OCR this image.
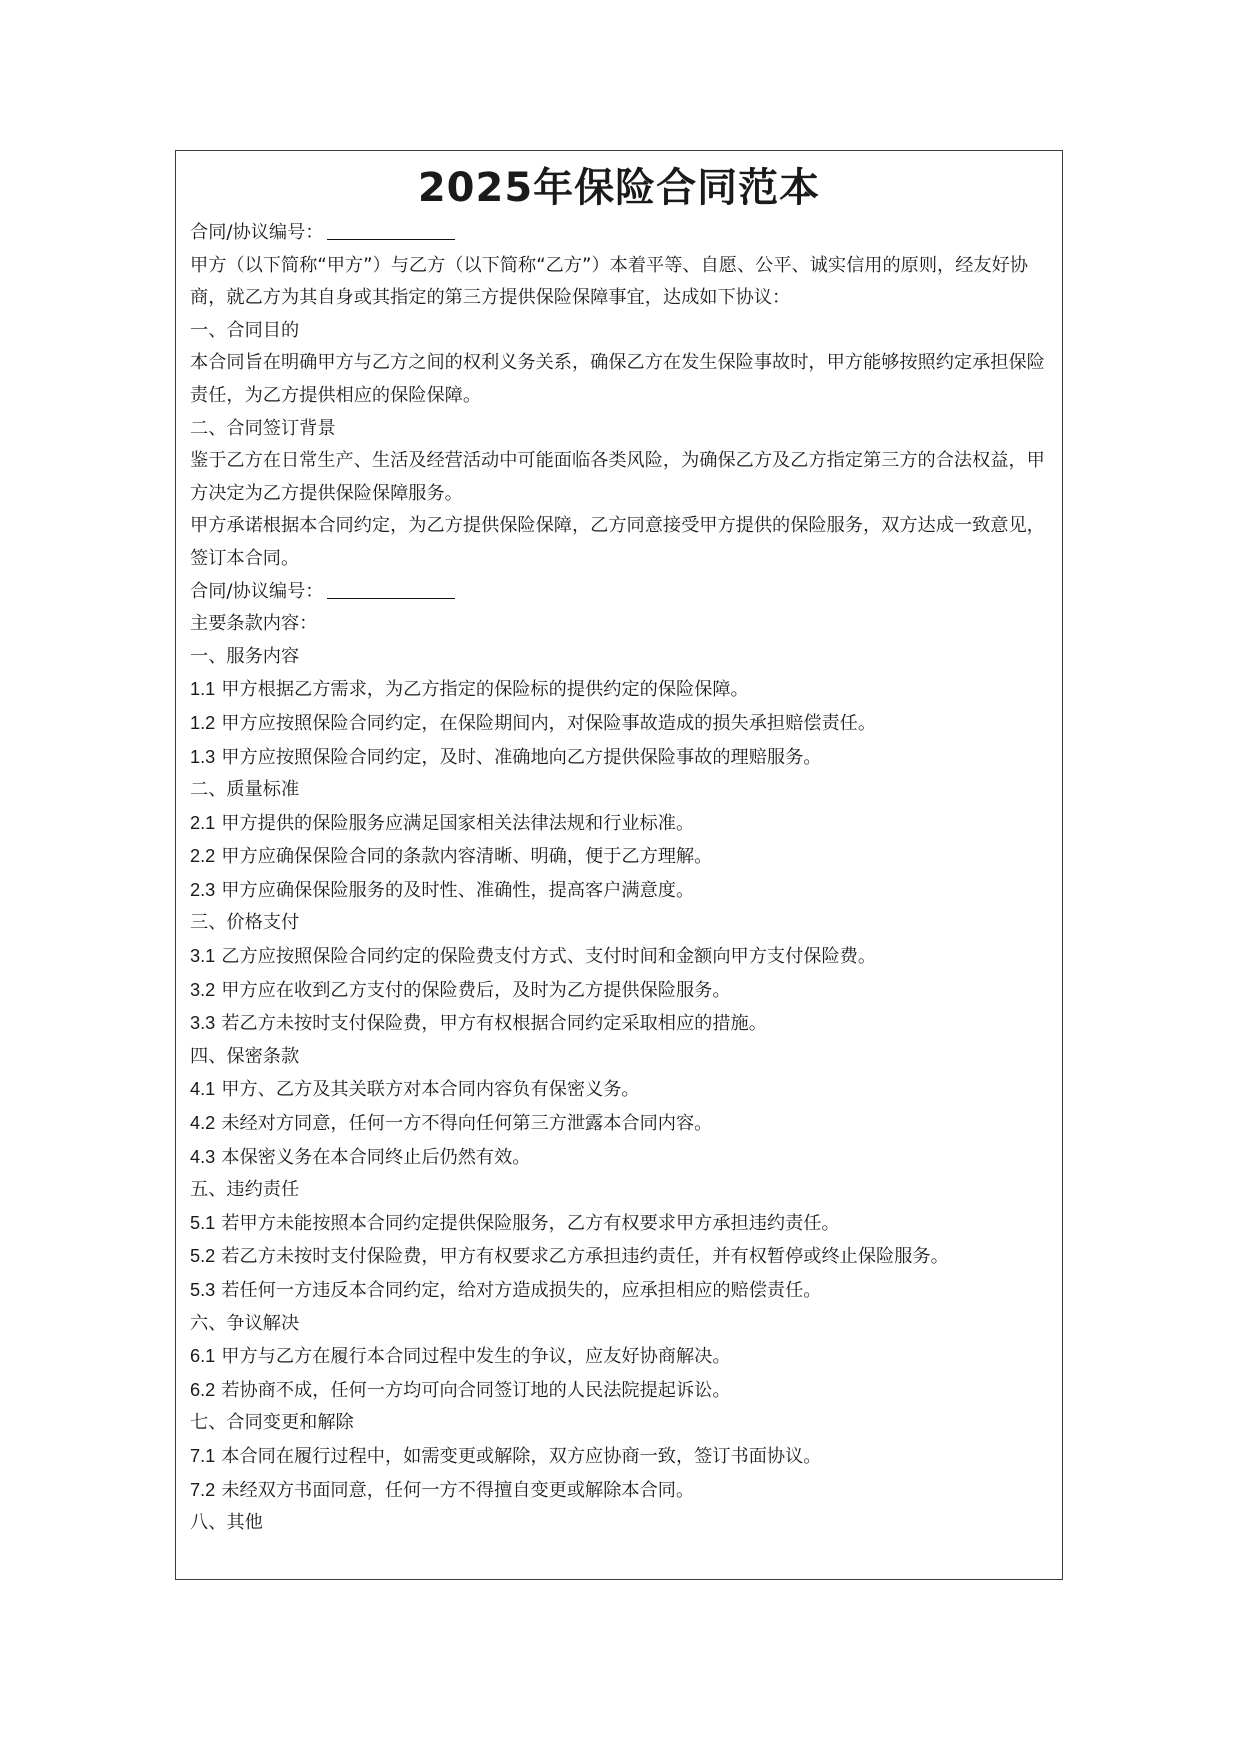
2025年保险合同范本
合同/协议编号：
甲方（以下简称“甲方”）与乙方（以下简称“乙方”）本着平等、自愿、公平、诚实信用的原则，经友好协商，就乙方为其自身或其指定的第三方提供保险保障事宜，达成如下协议：
一、合同目的
本合同旨在明确甲方与乙方之间的权利义务关系，确保乙方在发生保险事故时，甲方能够按照约定承担保险责任，为乙方提供相应的保险保障。
二、合同签订背景
鉴于乙方在日常生产、生活及经营活动中可能面临各类风险，为确保乙方及乙方指定第三方的合法权益，甲方决定为乙方提供保险保障服务。
甲方承诺根据本合同约定，为乙方提供保险保障，乙方同意接受甲方提供的保险服务，双方达成一致意见，签订本合同。
合同/协议编号：
主要条款内容：
一、服务内容
1.1 甲方根据乙方需求，为乙方指定的保险标的提供约定的保险保障。
1.2 甲方应按照保险合同约定，在保险期间内，对保险事故造成的损失承担赔偿责任。
1.3 甲方应按照保险合同约定，及时、准确地向乙方提供保险事故的理赔服务。
二、质量标准
2.1 甲方提供的保险服务应满足国家相关法律法规和行业标准。
2.2 甲方应确保保险合同的条款内容清晰、明确，便于乙方理解。
2.3 甲方应确保保险服务的及时性、准确性，提高客户满意度。
三、价格支付
3.1 乙方应按照保险合同约定的保险费支付方式、支付时间和金额向甲方支付保险费。
3.2 甲方应在收到乙方支付的保险费后，及时为乙方提供保险服务。
3.3 若乙方未按时支付保险费，甲方有权根据合同约定采取相应的措施。
四、保密条款
4.1 甲方、乙方及其关联方对本合同内容负有保密义务。
4.2 未经对方同意，任何一方不得向任何第三方泄露本合同内容。
4.3 本保密义务在本合同终止后仍然有效。
五、违约责任
5.1 若甲方未能按照本合同约定提供保险服务，乙方有权要求甲方承担违约责任。
5.2 若乙方未按时支付保险费，甲方有权要求乙方承担违约责任，并有权暂停或终止保险服务。
5.3 若任何一方违反本合同约定，给对方造成损失的，应承担相应的赔偿责任。
六、争议解决
6.1 甲方与乙方在履行本合同过程中发生的争议，应友好协商解决。
6.2 若协商不成，任何一方均可向合同签订地的人民法院提起诉讼。
七、合同变更和解除
7.1 本合同在履行过程中，如需变更或解除，双方应协商一致，签订书面协议。
7.2 未经双方书面同意，任何一方不得擅自变更或解除本合同。
八、其他
